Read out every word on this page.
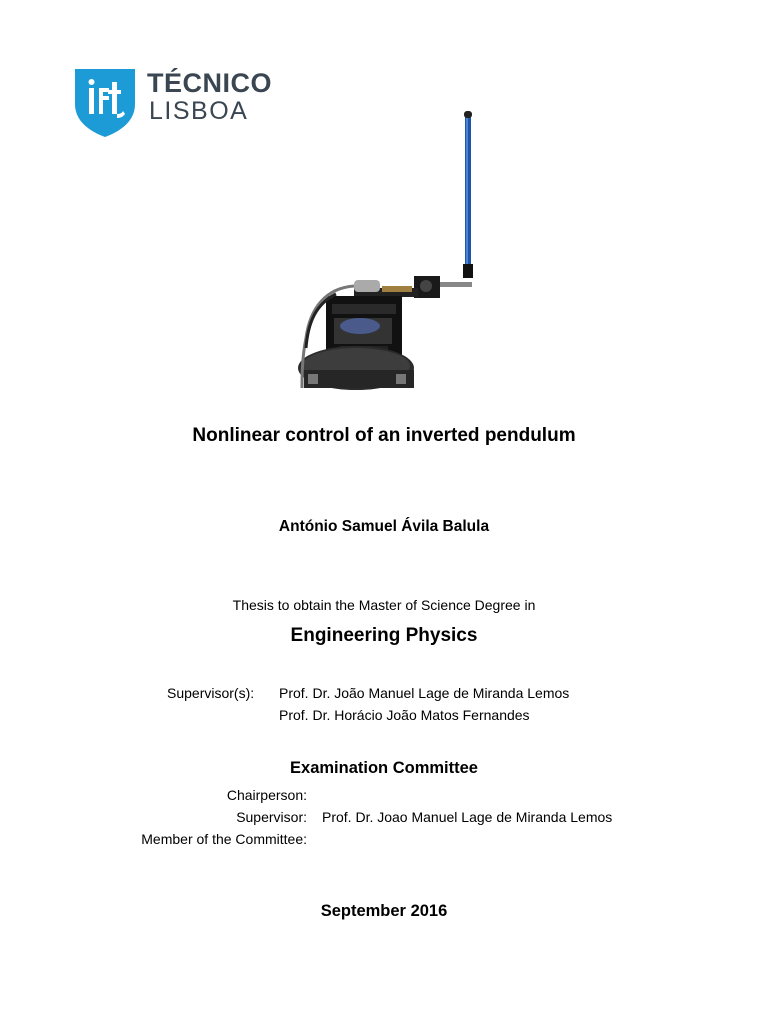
TÉCNICO
LISBOA
Nonlinear control of an inverted pendulum
António Samuel Ávila Balula
Thesis to obtain the Master of Science Degree in
Engineering Physics
Supervisor(s): Prof. Dr. João Manuel Lage de Miranda Lemos
Prof. Dr. Horácio João Matos Fernandes
Examination Committee
Chairperson:
Supervisor: Prof. Dr. Joao Manuel Lage de Miranda Lemos
Member of the Committee:
September 2016
